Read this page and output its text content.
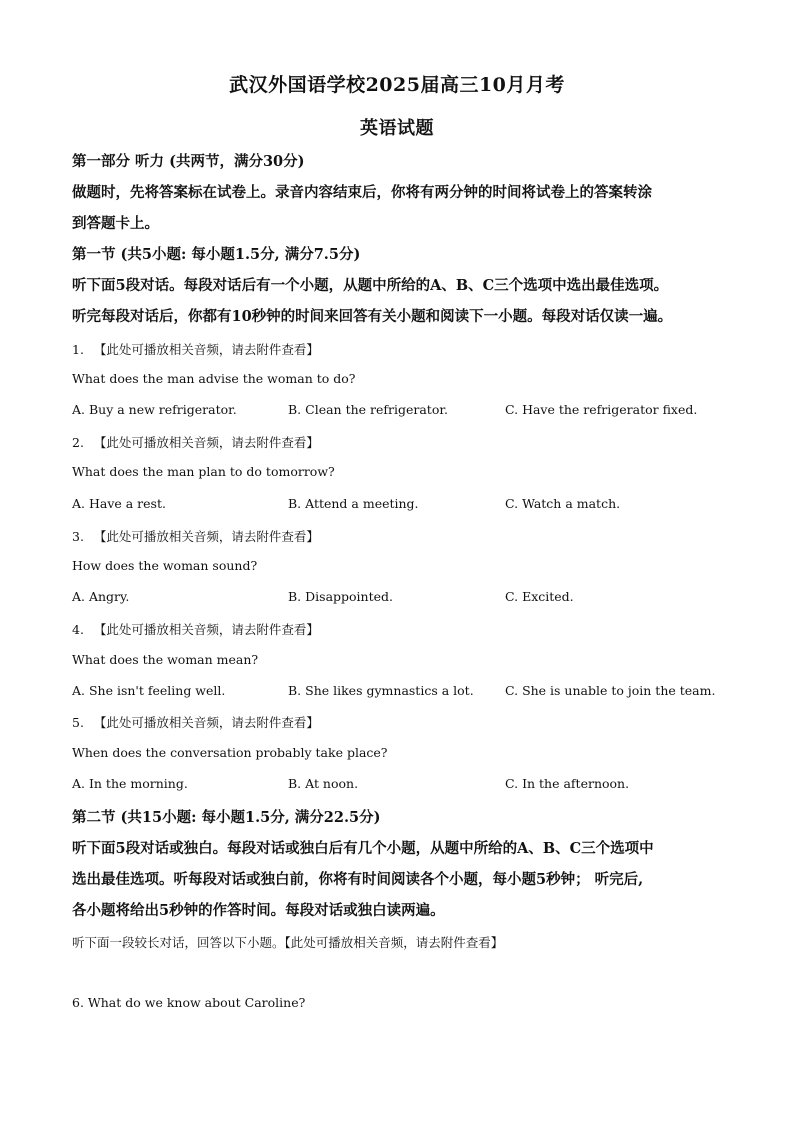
武汉外国语学校2025届高三10月月考
英语试题
第一部分 听力 (共两节，满分30分)
做题时，先将答案标在试卷上。录音内容结束后，你将有两分钟的时间将试卷上的答案转涂
到答题卡上。
第一节 (共5小题: 每小题1.5分, 满分7.5分)
听下面5段对话。每段对话后有一个小题，从题中所给的A、B、C三个选项中选出最佳选项。
听完每段对话后，你都有10秒钟的时间来回答有关小题和阅读下一小题。每段对话仅读一遍。
1. 【此处可播放相关音频，请去附件查看】
What does the man advise the woman to do?
A. Buy a new refrigerator.	B. Clean the refrigerator.	C. Have the refrigerator fixed.
2. 【此处可播放相关音频，请去附件查看】
What does the man plan to do tomorrow?
A. Have a rest.	B. Attend a meeting.	C. Watch a match.
3. 【此处可播放相关音频，请去附件查看】
How does the woman sound?
A. Angry.	B. Disappointed.	C. Excited.
4. 【此处可播放相关音频，请去附件查看】
What does the woman mean?
A. She isn't feeling well.	B. She likes gymnastics a lot.	C. She is unable to join the team.
5. 【此处可播放相关音频，请去附件查看】
When does the conversation probably take place?
A. In the morning.	B. At noon.	C. In the afternoon.
第二节 (共15小题: 每小题1.5分, 满分22.5分)
听下面5段对话或独白。每段对话或独白后有几个小题，从题中所给的A、B、C三个选项中
选出最佳选项。听每段对话或独白前，你将有时间阅读各个小题，每小题5秒钟； 听完后,
各小题将给出5秒钟的作答时间。每段对话或独白读两遍。
听下面一段较长对话，回答以下小题。【此处可播放相关音频，请去附件查看】
6. What do we know about Caroline?
